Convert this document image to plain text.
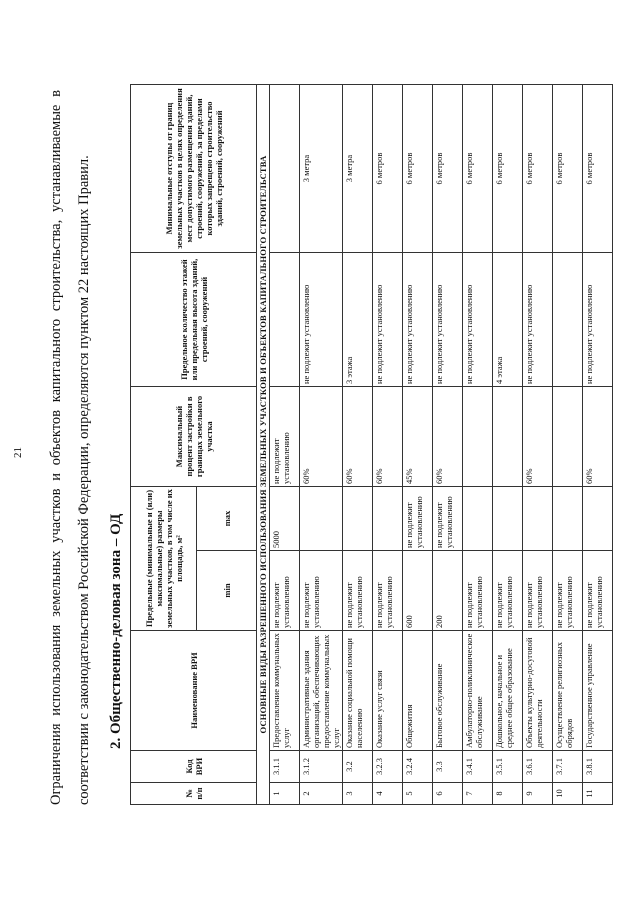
21	Ограничения использования земельных участков и объектов капитального строительства, устанавливаемые в соответствии с законодательством Российской Федерации, определяются пунктом 22 настоящих Правил.	2. Общественно-деловая зона – ОД
№ п/п	Код ВРИ	Наименование ВРИ	Предельные (минимальные и (или) максимальные) размеры земельных участков, в том числе их площадь, м²		Максимальный процент застройки в границах земельного участка	Предельное количество этажей или предельная высота зданий, строений, сооружений	Минимальные отступы от границ земельных участков в целях определения мест допустимого размещения зданий, строений, сооружений, за пределами которых запрещено строительство зданий, строений, сооружений
			min	max			
ОСНОВНЫЕ ВИДЫ РАЗРЕШЕННОГО ИСПОЛЬЗОВАНИЯ ЗЕМЕЛЬНЫХ УЧАСТКОВ И ОБЪЕКТОВ КАПИТАЛЬНОГО СТРОИТЕЛЬСТВА							
1	3.1.1	Предоставление коммунальных услуг	не подлежит установлению	5000	не подлежит установлению		
2	3.1.2	Административные здания организаций, обеспечивающих предоставление коммунальных услуг	не подлежит установлению		60%	не подлежит установлению	3 метра
3	3.2	Оказание социальной помощи населению	не подлежит установлению		60%	3 этажа	3 метра
4	3.2.3	Оказание услуг связи	не подлежит установлению		60%	не подлежит установлению	6 метров
5	3.2.4	Общежития	600	не подлежит установлению	45%	не подлежит установлению	6 метров
6	3.3	Бытовое обслуживание	200	не подлежит установлению	60%	не подлежит установлению	6 метров
7	3.4.1	Амбулаторно-поликлиническое обслуживание	не подлежит установлению			не подлежит установлению	6 метров
8	3.5.1	Дошкольное, начальное и среднее общее образование	не подлежит установлению			4 этажа	6 метров
9	3.6.1	Объекты культурно-досуговой деятельности	не подлежит установлению		60%	не подлежит установлению	6 метров
10	3.7.1	Осуществление религиозных обрядов	не подлежит установлению				6 метров
11	3.8.1	Государственное управление	не подлежит установлению		60%	не подлежит установлению	6 метров
